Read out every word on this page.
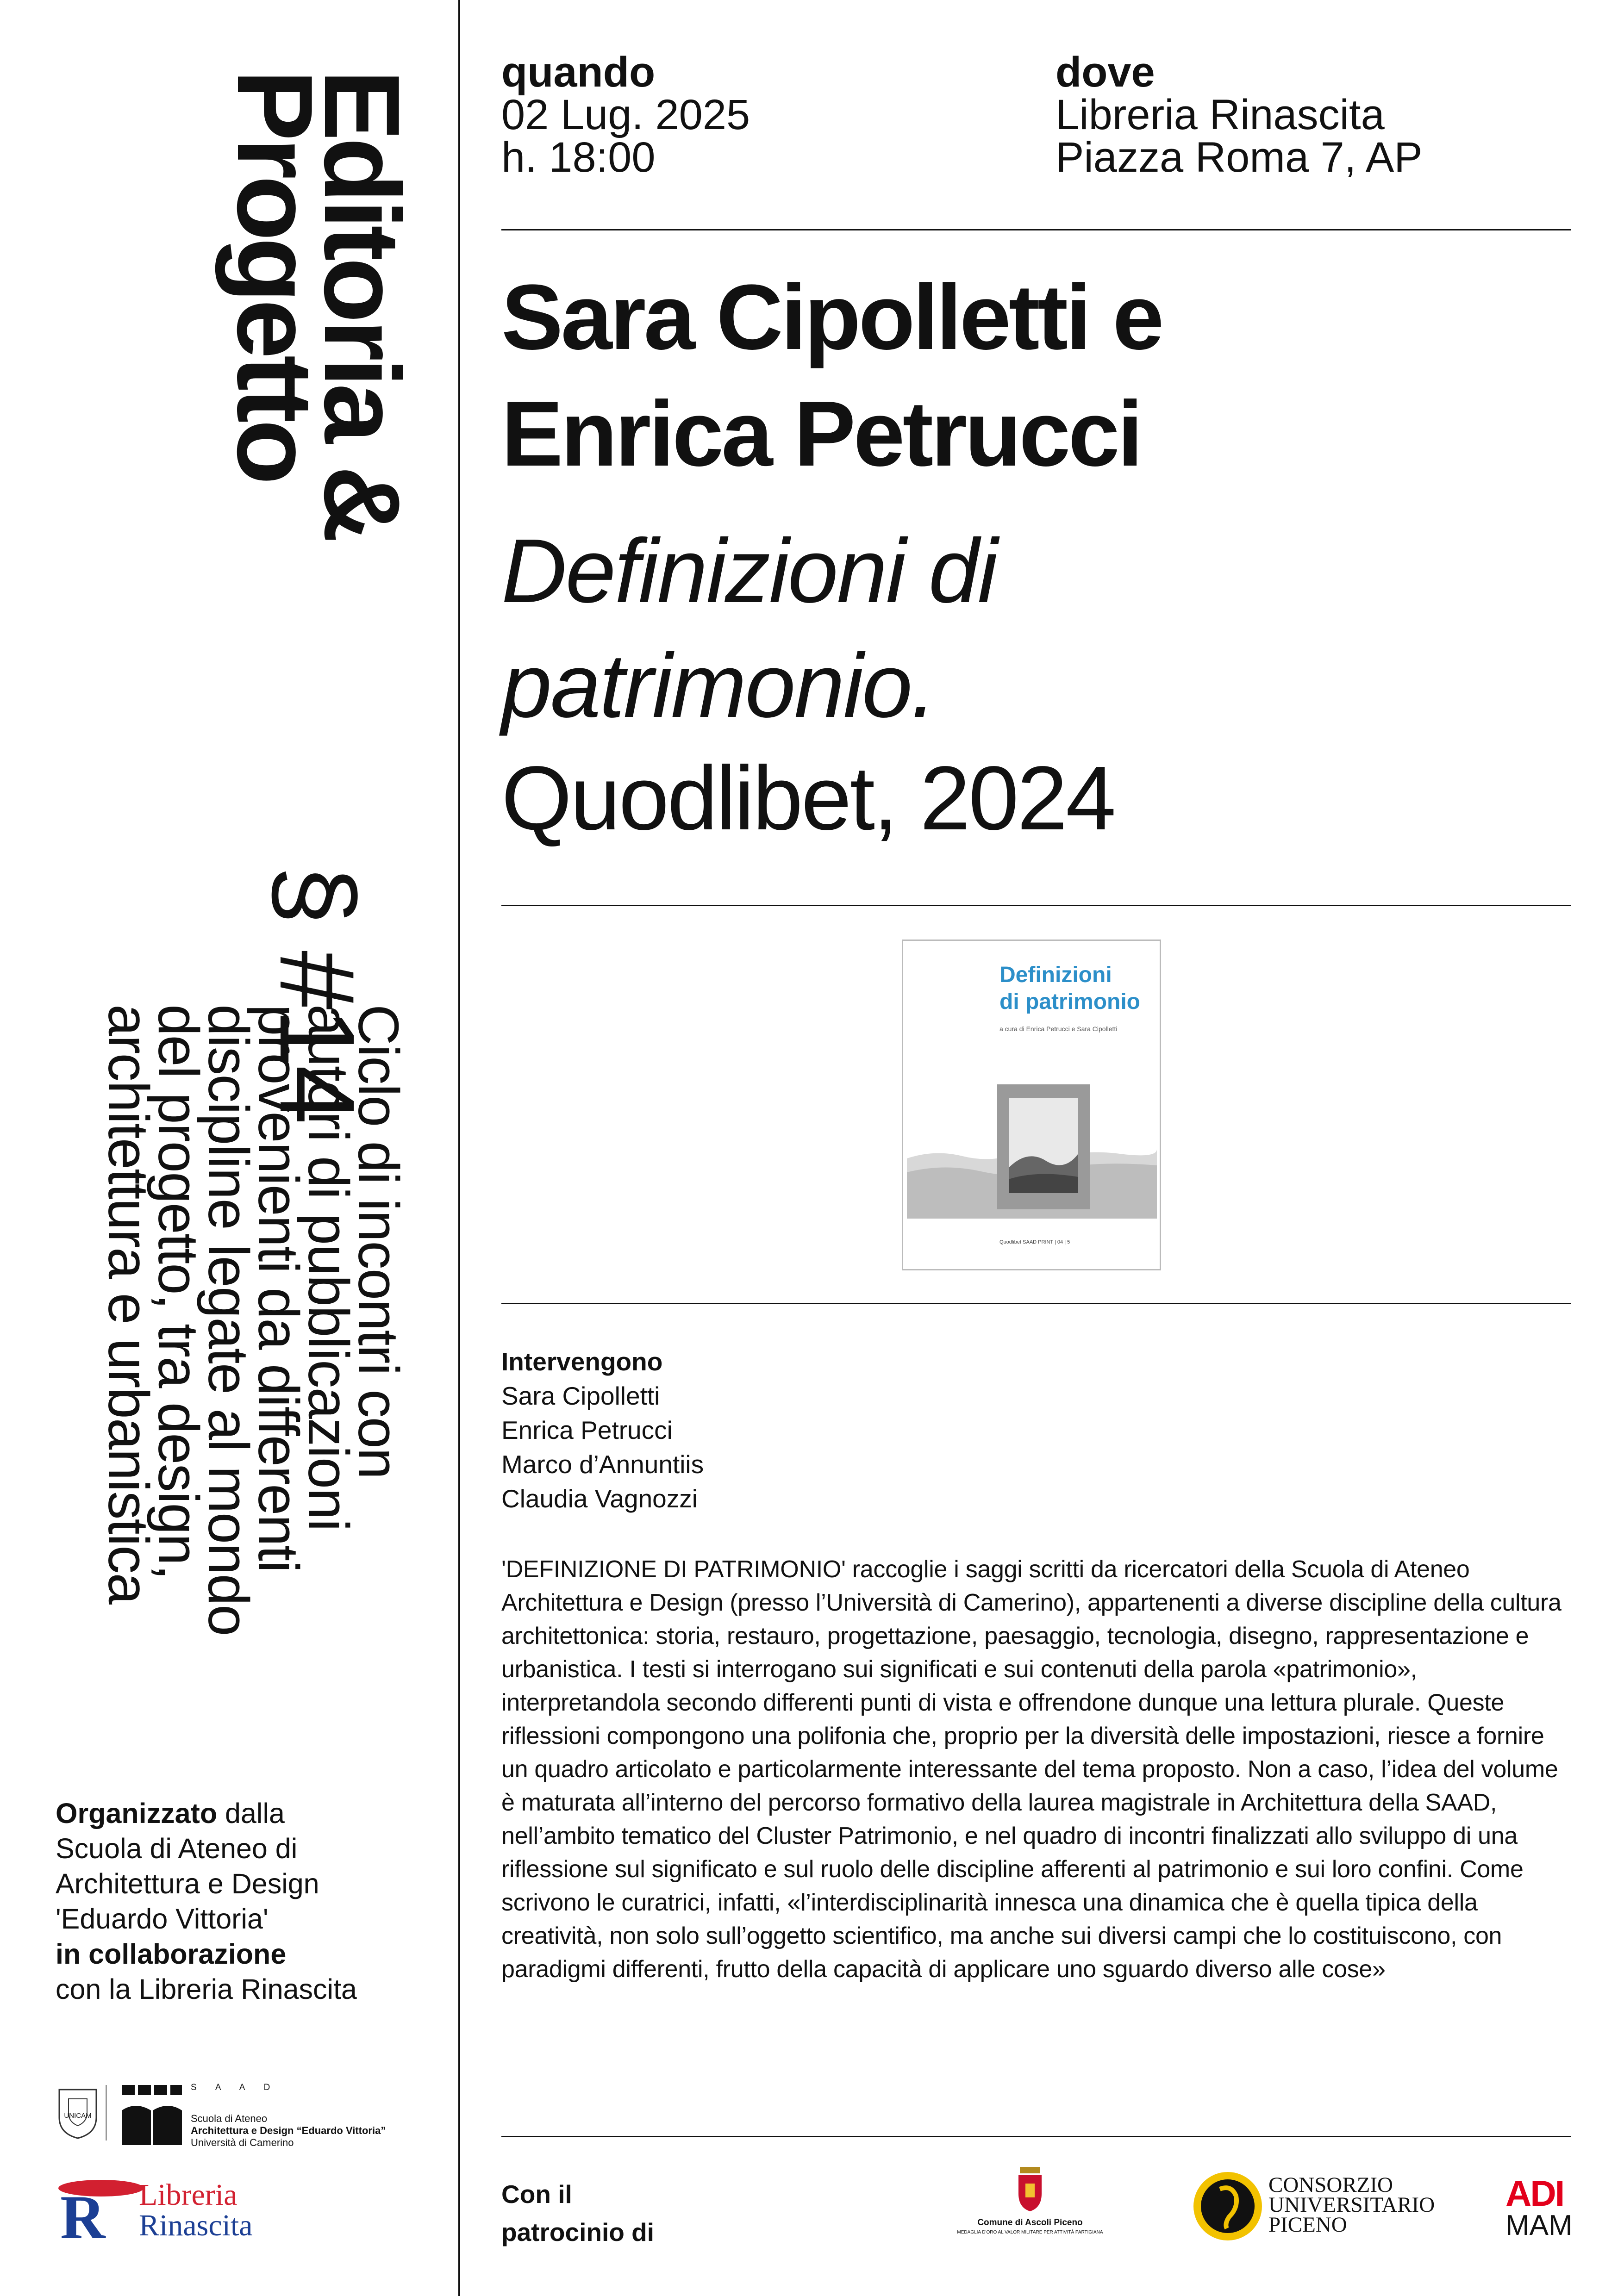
Editoria &
Progetto
§ #14
Ciclo di incontri con
autori di pubblicazioni
provenienti da differenti
discipline legate al mondo
del progetto, tra design,
architettura e urbanistica
Organizzato dalla
Scuola di Ateneo di
Architettura e Design
'Eduardo Vittoria'
in collaborazione
con la Libreria Rinascita
UNICAM
S A A D
Scuola di Ateneo
Architettura e Design “Eduardo Vittoria”
Università di Camerino
R Libreria
Rinascita
quando
02 Lug. 2025
h. 18:00
dove
Libreria Rinascita
Piazza Roma 7, AP
Sara Cipolletti e
Enrica Petrucci
Definizioni di
patrimonio.
Quodlibet, 2024
Definizioni
di patrimonio
a cura di Enrica Petrucci e Sara Cipolletti
Quodlibet SAAD PRINT | 04 | 5
Intervengono
Sara Cipolletti
Enrica Petrucci
Marco d’Annuntiis
Claudia Vagnozzi
'DEFINIZIONE DI PATRIMONIO' raccoglie i saggi scritti da ricercatori della Scuola di Ateneo Architettura e Design (presso l’Università di Camerino), appartenenti a diverse discipline della cultura architettonica: storia, restauro, progettazione, paesaggio, tecnologia, disegno, rappresentazione e urbanistica. I testi si interrogano sui significati e sui contenuti della parola «patrimonio», interpretandola secondo differenti punti di vista e offrendone dunque una lettura plurale. Queste riflessioni compongono una polifonia che, proprio per la diversità delle impostazioni, riesce a fornire un quadro articolato e particolarmente interessante del tema proposto. Non a caso, l’idea del volume è maturata all’interno del percorso formativo della laurea magistrale in Architettura della SAAD, nell’ambito tematico del Cluster Patrimonio, e nel quadro di incontri finalizzati allo sviluppo di una riflessione sul significato e sul ruolo delle discipline afferenti al patrimonio e sui loro confini. Come scrivono le curatrici, infatti, «l’interdisciplinarità innesca una dinamica che è quella tipica della creatività, non solo sull’oggetto scientifico, ma anche sui diversi campi che lo costituiscono, con paradigmi differenti, frutto della capacità di applicare uno sguardo diverso alle cose»
Con il
patrocinio di	Comune di Ascoli Piceno
MEDAGLIA D'ORO AL VALOR MILITARE PER ATTIVITÀ PARTIGIANA
CONSORZIO
UNIVERSITARIO
PICENO
ADI
MAM
